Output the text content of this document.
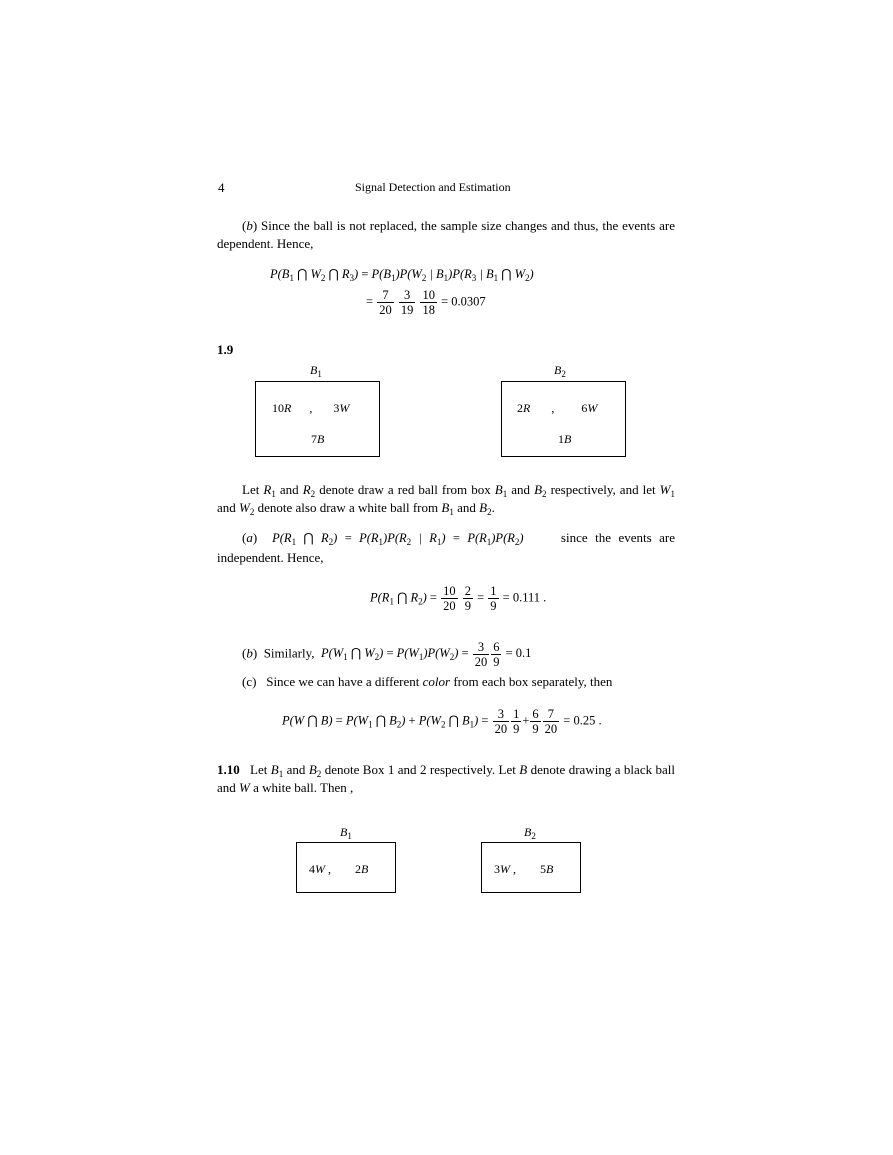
4	Signal Detection and Estimation
(b) Since the ball is not replaced, the sample size changes and thus, the events are dependent. Hence,
$P(B_1$ ⋂ $W_2$ ⋂ $R_3) = P(B_1)P(W_2$ | $B_1)P(R_3$ | $B_1$ ⋂ $W_2$)
= $\frac{7}{20}$
$\frac{3}{19}$
$\frac{10}{18} = 0.0307$
1.9
$B_1$
10R      ,       3W
7B
$B_2$
2R       ,         6W
1B
Let $R_1$ and $R_2$ denote draw a red ball from box $B_1$ and $B_2$ respectively, and let $W_1$ and $W_2$ denote also draw a white ball from $B_1$ and $B_2$.
(a)  $P(R_1$ ⋂ $R_2) = P(R_1)P(R_2$ | $R_1) = P(R_1)P(R_2)$	since the events are
independent. Hence,
$P(R_1$ ⋂ $R_2) = \frac{10}{20}$
$\frac{2}{9} = \frac{1}{9} = 0.111$ .
(b)  Similarly, $P(W_1$ ⋂ $W_2) = P(W_1)P(W_2) = \frac{3}{20} \frac{6}{9} = 0.1$
(c)   Since we can have a different color from each box separately, then
P(W ⋂ $B) = P(W_1$ ⋂ $B_2) + P(W_2$ ⋂ $B_1) = \frac{3}{20} \frac{1}{9} + \frac{6}{9} \frac{7}{20} = 0.25$ .
1.10 Let $B_1$ and $B_2$ denote Box 1 and 2 respectively. Let B denote drawing a black ball and W a white ball. Then ,
$B_1$
4W ,        2B
$B_2$
3W ,        5B
